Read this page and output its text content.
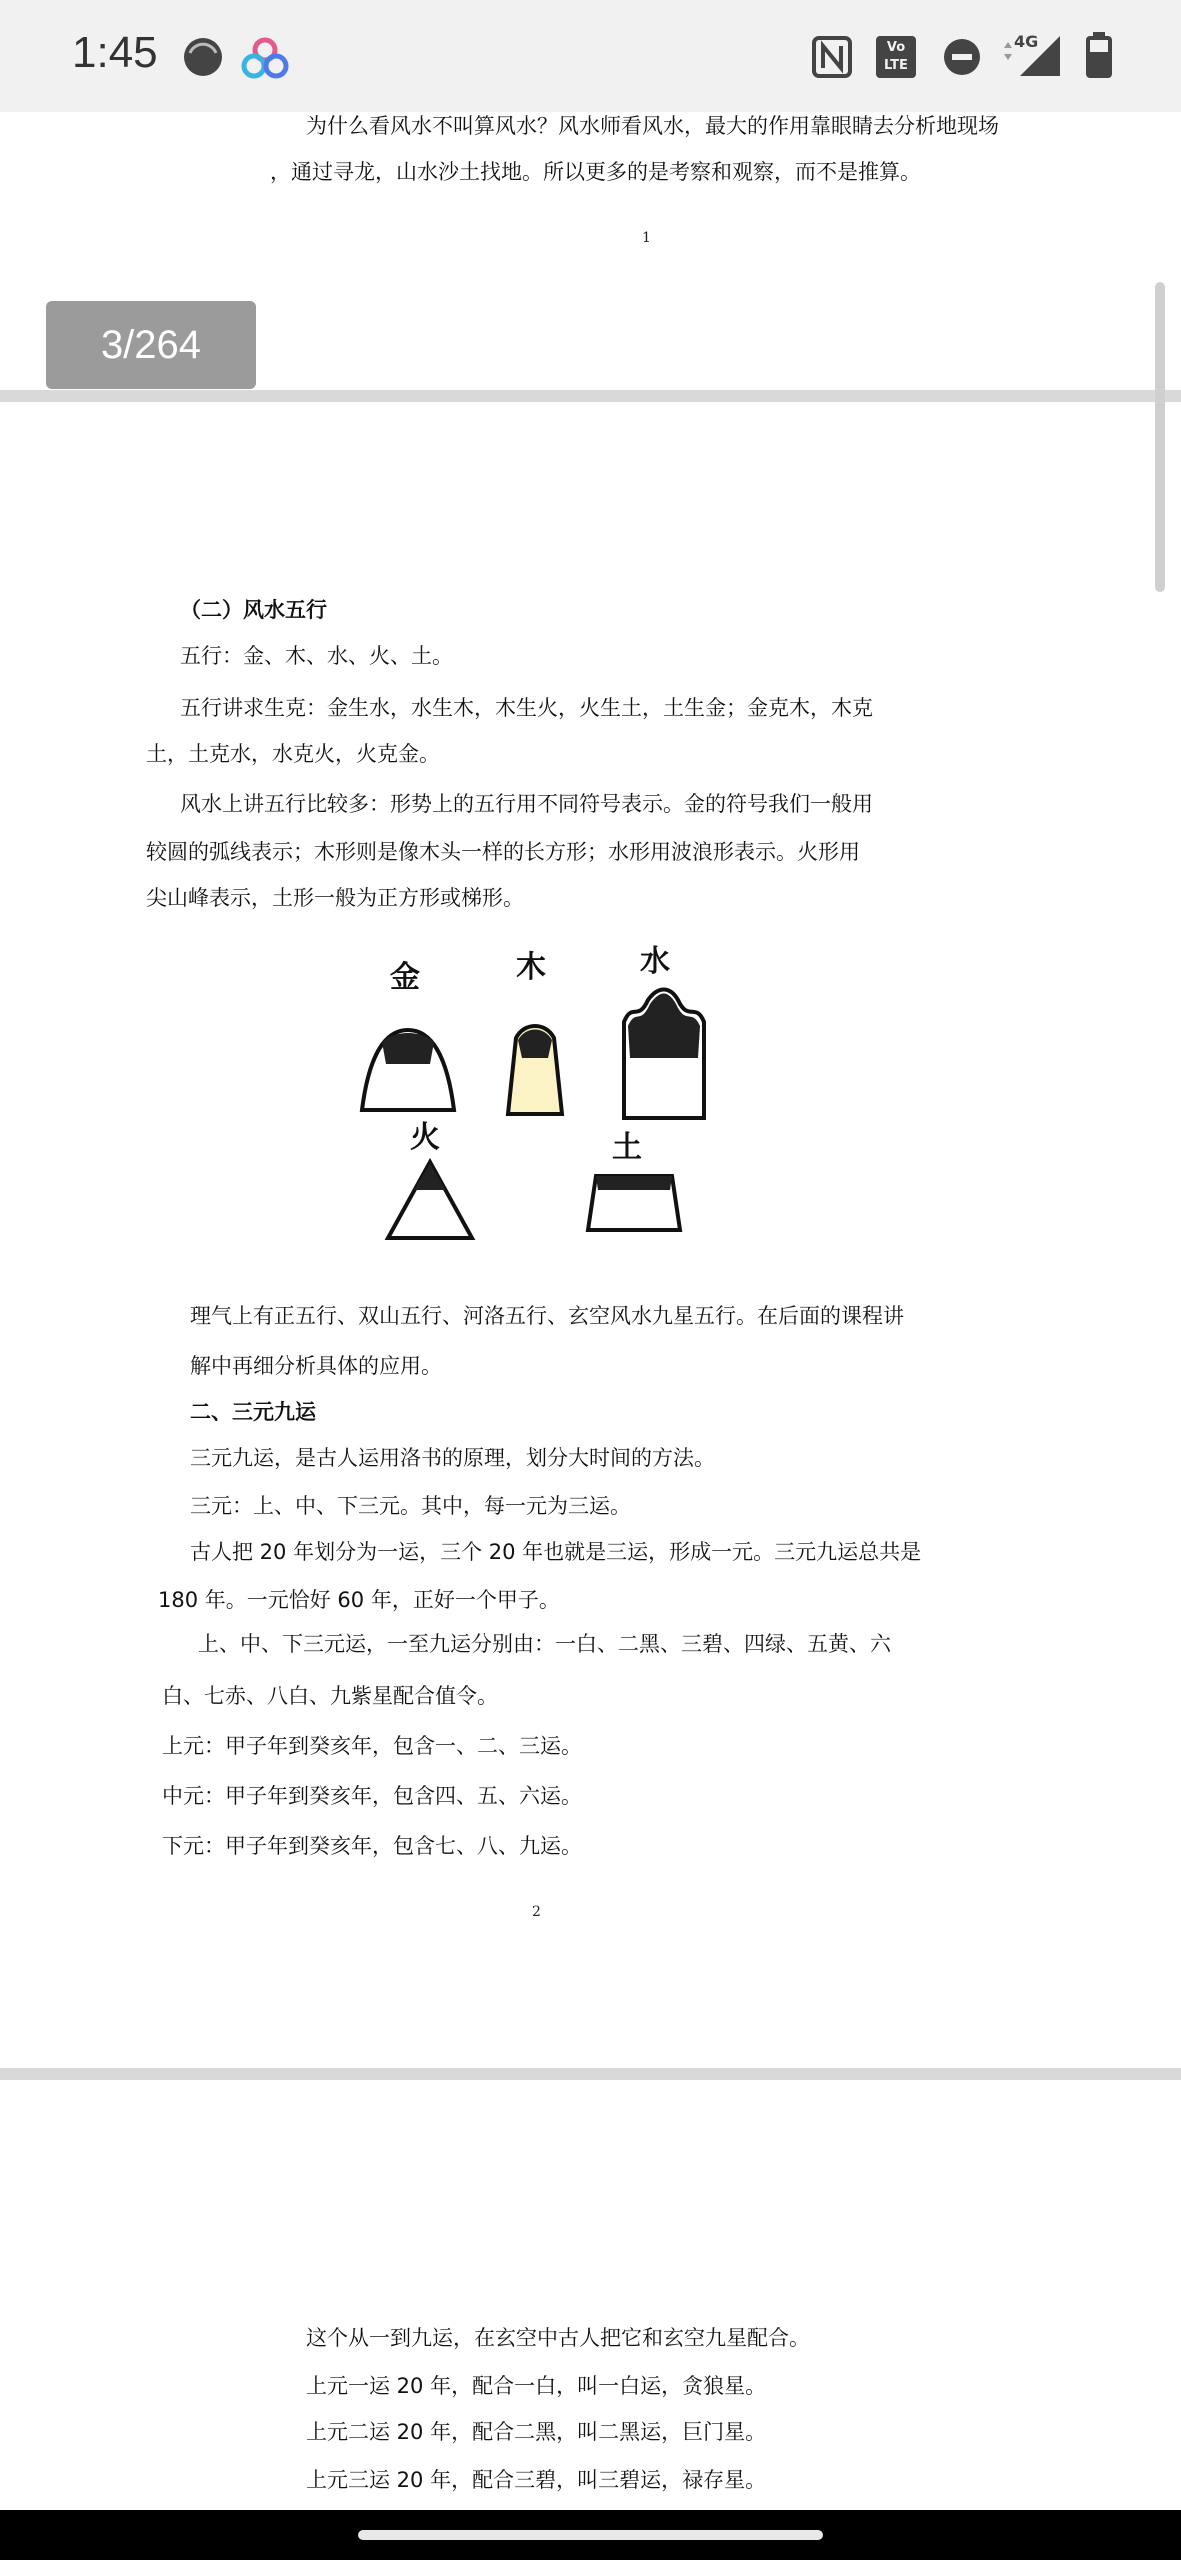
1:45	Vo LTE
4G
为什么看风水不叫算风水？风水师看风水，最大的作用靠眼睛去分析地现场
，通过寻龙，山水沙土找地。所以更多的是考察和观察，而不是推算。
1
3/264
（二）风水五行
五行：金、木、水、火、土。
五行讲求生克：金生水，水生木，木生火，火生土，土生金；金克木，木克
土，土克水，水克火，火克金。
风水上讲五行比较多：形势上的五行用不同符号表示。金的符号我们一般用
较圆的弧线表示；木形则是像木头一样的长方形；水形用波浪形表示。火形用
尖山峰表示，土形一般为正方形或梯形。
金	木	水
火	土
理气上有正五行、双山五行、河洛五行、玄空风水九星五行。在后面的课程讲
解中再细分析具体的应用。
二、三元九运
三元九运，是古人运用洛书的原理，划分大时间的方法。
三元：上、中、下三元。其中，每一元为三运。
古人把 20 年划分为一运，三个 20 年也就是三运，形成一元。三元九运总共是
180 年。一元恰好 60 年，正好一个甲子。
上、中、下三元运，一至九运分别由：一白、二黑、三碧、四绿、五黄、六
白、七赤、八白、九紫星配合值令。
上元：甲子年到癸亥年，包含一、二、三运。
中元：甲子年到癸亥年，包含四、五、六运。
下元：甲子年到癸亥年，包含七、八、九运。
2
这个从一到九运，在玄空中古人把它和玄空九星配合。
上元一运 20 年，配合一白，叫一白运，贪狼星。
上元二运 20 年，配合二黑，叫二黑运，巨门星。
上元三运 20 年，配合三碧，叫三碧运，禄存星。
